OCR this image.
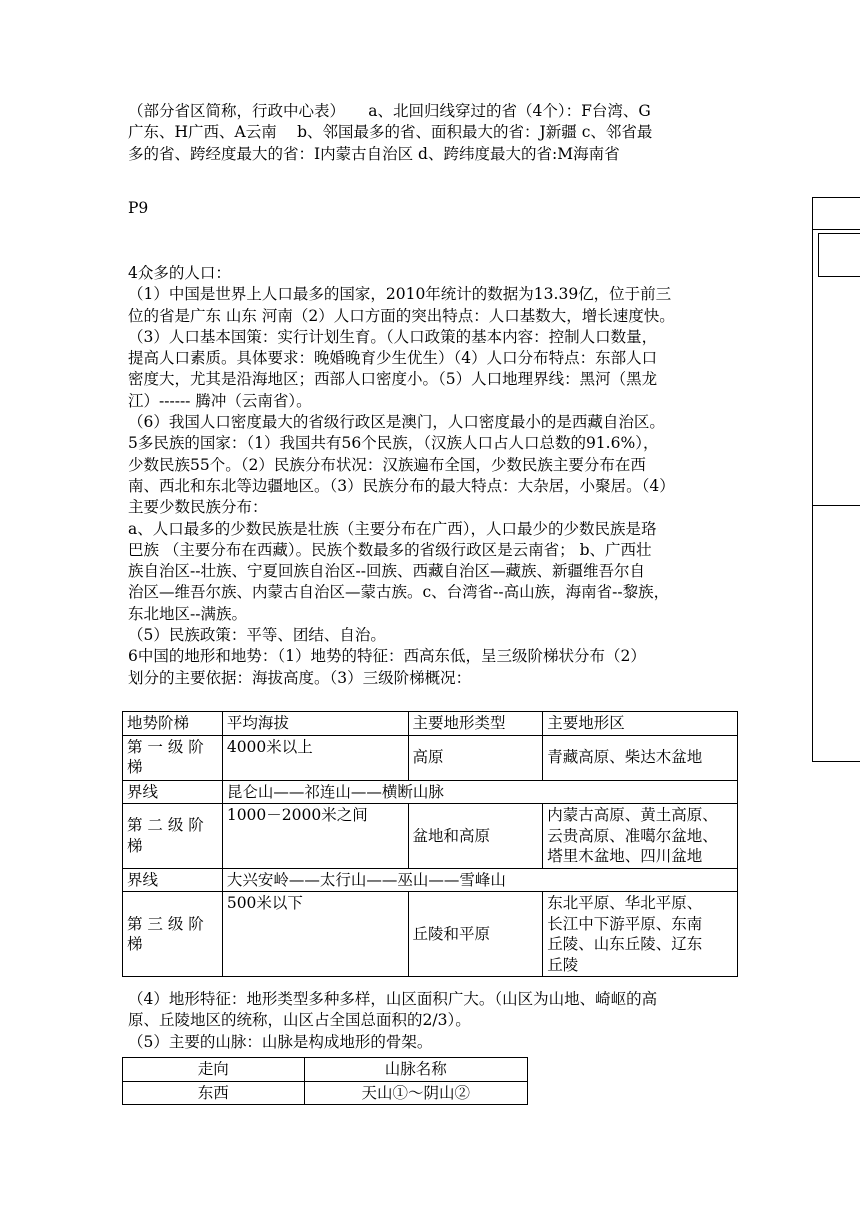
（部分省区简称，行政中心表）　　a、北回归线穿过的省（4个）：F台湾、G
广东、H广西、A云南　 b、邻国最多的省、面积最大的省：J新疆 c、邻省最
多的省、跨经度最大的省：I内蒙古自治区 d、跨纬度最大的省:M海南省
P9
4众多的人口：
（1）中国是世界上人口最多的国家，2010年统计的数据为13.39亿，位于前三
位的省是广东 山东 河南（2）人口方面的突出特点：人口基数大，增长速度快。
（3）人口基本国策：实行计划生育。（人口政策的基本内容：控制人口数量，
提高人口素质。具体要求：晚婚晚育少生优生）（4）人口分布特点：东部人口
密度大，尤其是沿海地区；西部人口密度小。（5）人口地理界线：黑河（黑龙
江）------ 腾冲（云南省）。
（6）我国人口密度最大的省级行政区是澳门，人口密度最小的是西藏自治区。
5多民族的国家：（1）我国共有56个民族，（汉族人口占人口总数的91.6%），
少数民族55个。（2）民族分布状况：汉族遍布全国，少数民族主要分布在西
南、西北和东北等边疆地区。（3）民族分布的最大特点：大杂居，小聚居。（4）
主要少数民族分布：
a、人口最多的少数民族是壮族（主要分布在广西），人口最少的少数民族是珞
巴族 （主要分布在西藏）。民族个数最多的省级行政区是云南省； b、广西壮
族自治区--壮族、宁夏回族自治区--回族、西藏自治区—藏族、新疆维吾尔自
治区—维吾尔族、内蒙古自治区—蒙古族。c、台湾省--高山族，海南省--黎族，
东北地区--满族。
（5）民族政策：平等、团结、自治。
6中国的地形和地势：（1）地势的特征：西高东低，呈三级阶梯状分布（2）
划分的主要依据：海拔高度。（3）三级阶梯概况：
地势阶梯	平均海拔	主要地形类型	主要地形区
第 一 级 阶 梯	4000米以上	高原	青藏高原、柴达木盆地
界线	昆仑山——祁连山——横断山脉		
第 二 级 阶 梯	1000－2000米之间	盆地和高原	内蒙古高原、黄土高原、
云贵高原、准噶尔盆地、
塔里木盆地、四川盆地

界线	大兴安岭——太行山——巫山——雪峰山		
第 三 级 阶 梯	500米以下	丘陵和平原	东北平原、华北平原、
长江中下游平原、东南
丘陵、山东丘陵、辽东
丘陵
（4）地形特征：地形类型多种多样，山区面积广大。（山区为山地、崎岖的高
原、丘陵地区的统称，山区占全国总面积的2/3）。
（5）主要的山脉：山脉是构成地形的骨架。
走向	山脉名称
东西	天山①～阴山②
